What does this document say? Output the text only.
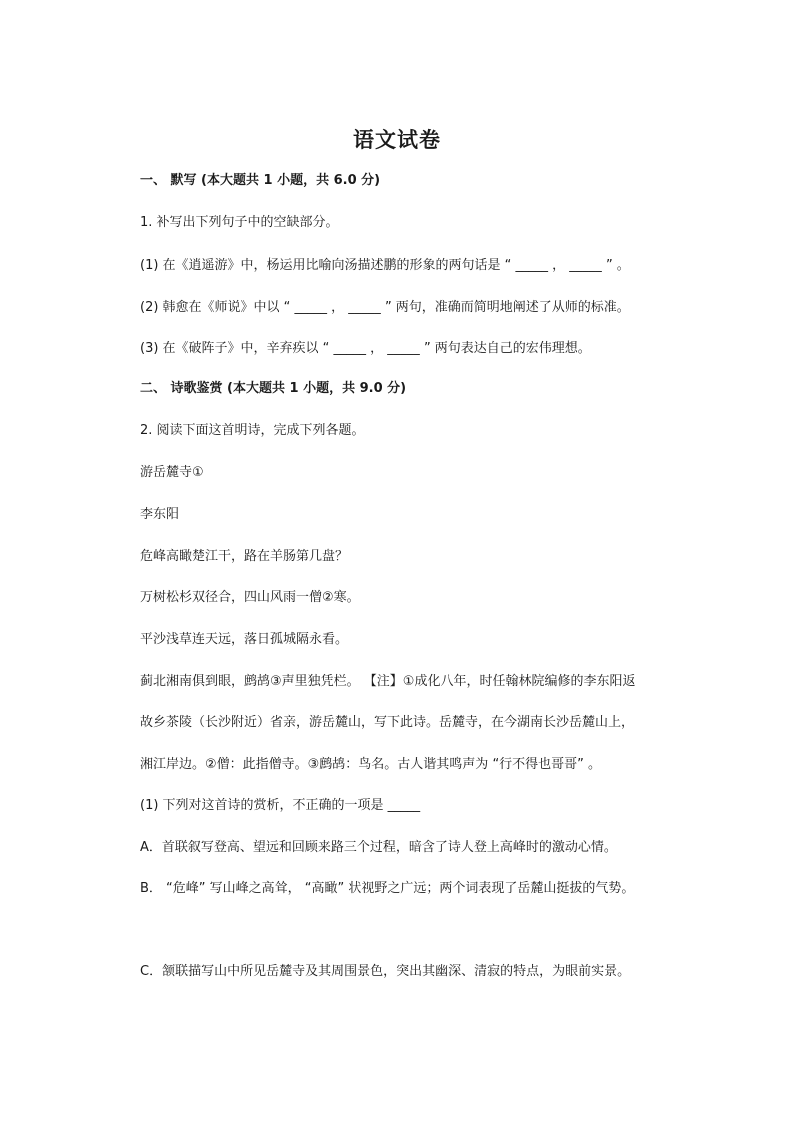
语文试卷
一、 默写 (本大题共 1 小题，共 6.0 分)
1. 补写出下列句子中的空缺部分。
(1) 在《逍遥游》中，杨运用比喻向汤描述鹏的形象的两句话是 “ _____ ， _____ ” 。
(2) 韩愈在《师说》中以 “ _____ ， _____ ” 两句，准确而简明地阐述了从师的标准。
(3) 在《破阵子》中，辛弃疾以 “ _____ ， _____ ” 两句表达自己的宏伟理想。
二、 诗歌鉴赏 (本大题共 1 小题，共 9.0 分)
2. 阅读下面这首明诗，完成下列各题。
游岳麓寺①
李东阳
危峰高瞰楚江干，路在羊肠第几盘？
万树松杉双径合，四山风雨一僧②寒。
平沙浅草连天远，落日孤城隔永看。
蓟北湘南俱到眼，鹧鸪③声里独凭栏。 【注】①成化八年，时任翰林院编修的李东阳返
故乡茶陵（长沙附近）省亲，游岳麓山，写下此诗。岳麓寺，在今湖南长沙岳麓山上，
湘江岸边。②僧：此指僧寺。③鹧鸪：鸟名。古人谐其鸣声为 “行不得也哥哥” 。
(1) 下列对这首诗的赏析，不正确的一项是 _____
A．首联叙写登高、望远和回顾来路三个过程，暗含了诗人登上高峰时的激动心情。
B． “危峰” 写山峰之高耸， “高瞰” 状视野之广远；两个词表现了岳麓山挺拔的气势。
C．颔联描写山中所见岳麓寺及其周围景色，突出其幽深、清寂的特点，为眼前实景。
